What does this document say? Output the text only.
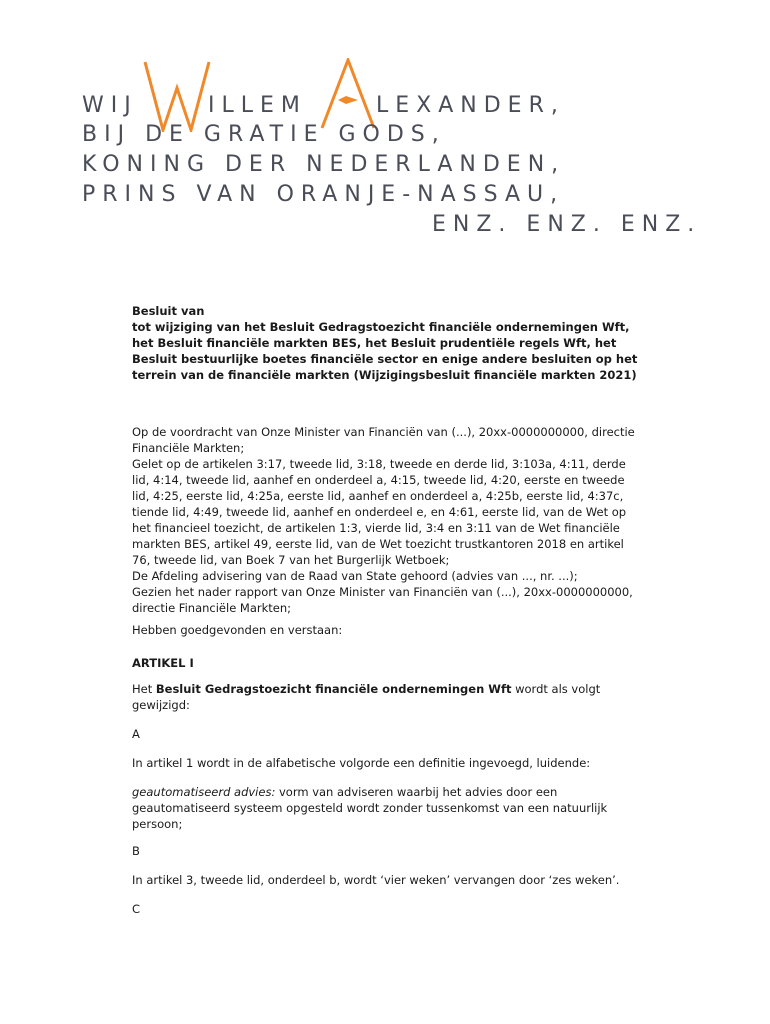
WIJ	ILLEM	LEXANDER,
BIJ DE GRATIE GODS,
KONING DER NEDERLANDEN,
PRINS VAN ORANJE-NASSAU,
ENZ. ENZ. ENZ.

Besluit van

tot wijziging van het Besluit Gedragstoezicht financiële ondernemingen Wft,

het Besluit financiële markten BES, het Besluit prudentiële regels Wft, het

Besluit bestuurlijke boetes financiële sector en enige andere besluiten op het

terrein van de financiële markten (Wijzigingsbesluit financiële markten 2021)

Op de voordracht van Onze Minister van Financiën van (...), 20xx-0000000000, directie

Financiële Markten;

Gelet op de artikelen 3:17, tweede lid, 3:18, tweede en derde lid, 3:103a, 4:11, derde

lid, 4:14, tweede lid, aanhef en onderdeel a, 4:15, tweede lid, 4:20, eerste en tweede

lid, 4:25, eerste lid, 4:25a, eerste lid, aanhef en onderdeel a, 4:25b, eerste lid, 4:37c,

tiende lid, 4:49, tweede lid, aanhef en onderdeel e, en 4:61, eerste lid, van de Wet op

het financieel toezicht, de artikelen 1:3, vierde lid, 3:4 en 3:11 van de Wet financiële

markten BES, artikel 49, eerste lid, van de Wet toezicht trustkantoren 2018 en artikel

76, tweede lid, van Boek 7 van het Burgerlijk Wetboek;

De Afdeling advisering van de Raad van State gehoord (advies van ..., nr. ...);

Gezien het nader rapport van Onze Minister van Financiën van (...), 20xx-0000000000,

directie Financiële Markten;

Hebben goedgevonden en verstaan:

ARTIKEL I

Het Besluit Gedragstoezicht financiële ondernemingen Wft wordt als volgt

gewijzigd:

A

In artikel 1 wordt in de alfabetische volgorde een definitie ingevoegd, luidende:

geautomatiseerd advies: vorm van adviseren waarbij het advies door een

geautomatiseerd systeem opgesteld wordt zonder tussenkomst van een natuurlijk

persoon;

B

In artikel 3, tweede lid, onderdeel b, wordt ‘vier weken’ vervangen door ‘zes weken’.

C
